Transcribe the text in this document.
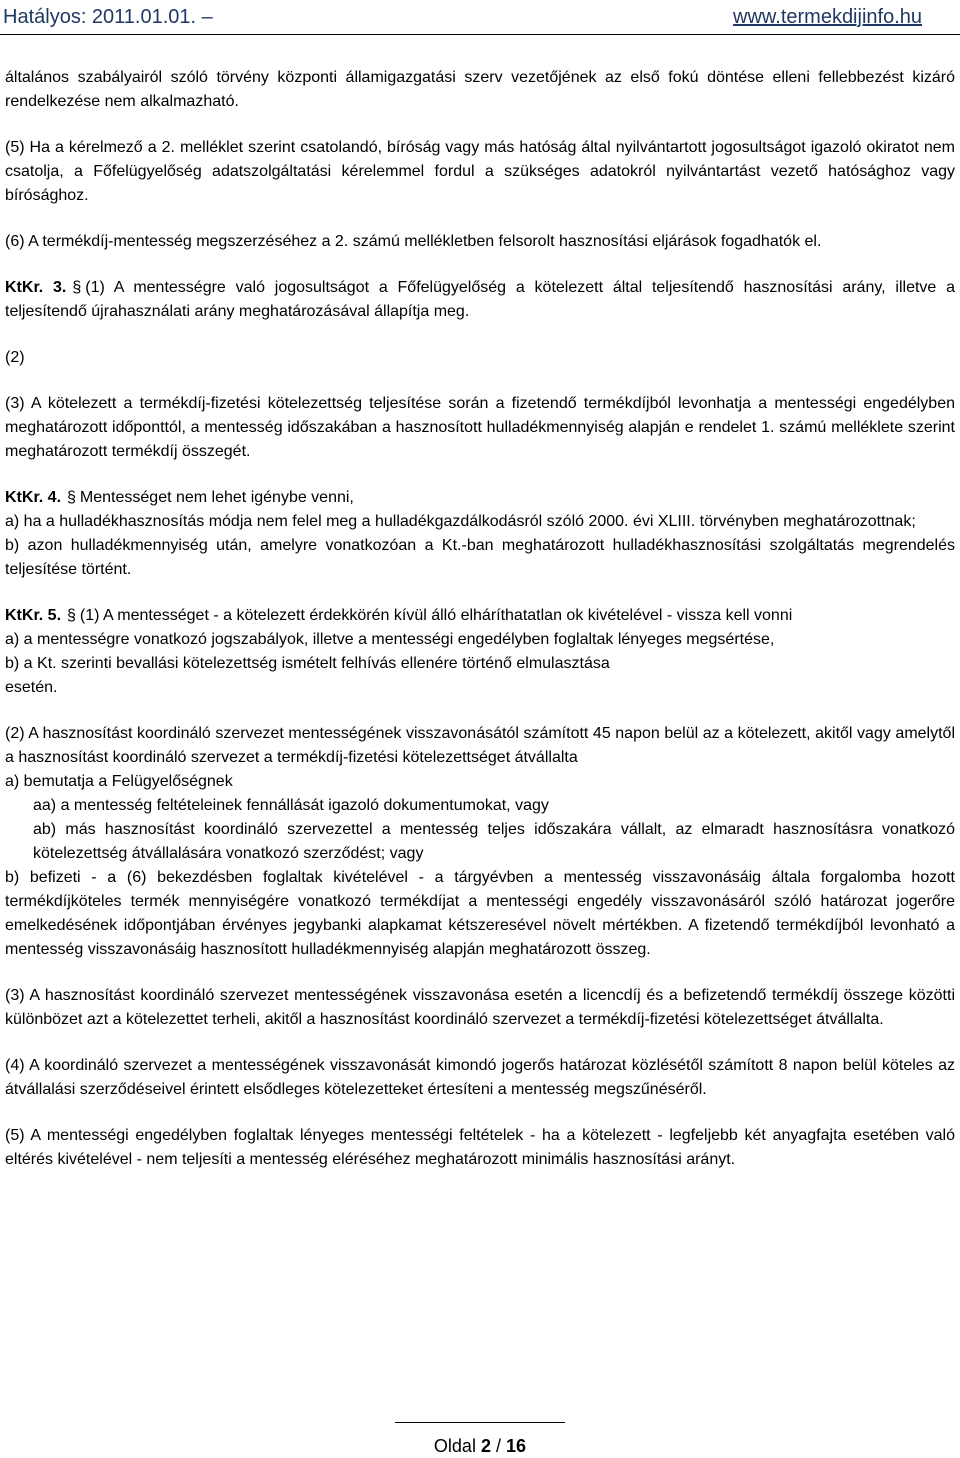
Hatályos: 2011.01.01. –	www.termekdijinfo.hu

általános szabályairól szóló törvény központi államigazgatási szerv vezetőjének az első fokú döntése elleni fellebbezést kizáró rendelkezése nem alkalmazható.

(5) Ha a kérelmező a 2. melléklet szerint csatolandó, bíróság vagy más hatóság által nyilvántartott jogosultságot igazoló okiratot nem csatolja, a Főfelügyelőség adatszolgáltatási kérelemmel fordul a szükséges adatokról nyilvántartást vezető hatósághoz vagy bírósághoz.

(6) A termékdíj-mentesség megszerzéséhez a 2. számú mellékletben felsorolt hasznosítási eljárások fogadhatók el.

KtKr. 3. § (1) A mentességre való jogosultságot a Főfelügyelőség a kötelezett által teljesítendő hasznosítási arány, illetve a teljesítendő újrahasználati arány meghatározásával állapítja meg.

(2)

(3) A kötelezett a termékdíj-fizetési kötelezettség teljesítése során a fizetendő termékdíjból levonhatja a mentességi engedélyben meghatározott időponttól, a mentesség időszakában a hasznosított hulladékmennyiség alapján e rendelet 1. számú melléklete szerint meghatározott termékdíj összegét.

KtKr. 4. § Mentességet nem lehet igénybe venni,
a) ha a hulladékhasznosítás módja nem felel meg a hulladékgazdálkodásról szóló 2000. évi XLIII. törvényben meghatározottnak;
b) azon hulladékmennyiség után, amelyre vonatkozóan a Kt.-ban meghatározott hulladékhasznosítási szolgáltatás megrendelés teljesítése történt.
KtKr. 5. § (1) A mentességet - a kötelezett érdekkörén kívül álló elháríthatatlan ok kivételével - vissza kell vonni
a) a mentességre vonatkozó jogszabályok, illetve a mentességi engedélyben foglaltak lényeges megsértése,
b) a Kt. szerinti bevallási kötelezettség ismételt felhívás ellenére történő elmulasztása
esetén.
(2) A hasznosítást koordináló szervezet mentességének visszavonásától számított 45 napon belül az a kötelezett, akitől vagy amelytől a hasznosítást koordináló szervezet a termékdíj-fizetési kötelezettséget átvállalta
a) bemutatja a Felügyelőségnek
aa) a mentesség feltételeinek fennállását igazoló dokumentumokat, vagy
ab) más hasznosítást koordináló szervezettel a mentesség teljes időszakára vállalt, az elmaradt hasznosításra vonatkozó kötelezettség átvállalására vonatkozó szerződést; vagy
b) befizeti - a (6) bekezdésben foglaltak kivételével - a tárgyévben a mentesség visszavonásáig általa forgalomba hozott termékdíjköteles termék mennyiségére vonatkozó termékdíjat a mentességi engedély visszavonásáról szóló határozat jogerőre emelkedésének időpontjában érvényes jegybanki alapkamat kétszeresével növelt mértékben. A fizetendő termékdíjból levonható a mentesség visszavonásáig hasznosított hulladékmennyiség alapján meghatározott összeg.

(3) A hasznosítást koordináló szervezet mentességének visszavonása esetén a licencdíj és a befizetendő termékdíj összege közötti különbözet azt a kötelezettet terheli, akitől a hasznosítást koordináló szervezet a termékdíj-fizetési kötelezettséget átvállalta.

(4) A koordináló szervezet a mentességének visszavonását kimondó jogerős határozat közlésétől számított 8 napon belül köteles az átvállalási szerződéseivel érintett elsődleges kötelezetteket értesíteni a mentesség megszűnéséről.

(5) A mentességi engedélyben foglaltak lényeges mentességi feltételek - ha a kötelezett - legfeljebb két anyagfajta esetében való eltérés kivételével - nem teljesíti a mentesség eléréséhez meghatározott minimális hasznosítási arányt.

Oldal 2 / 16
